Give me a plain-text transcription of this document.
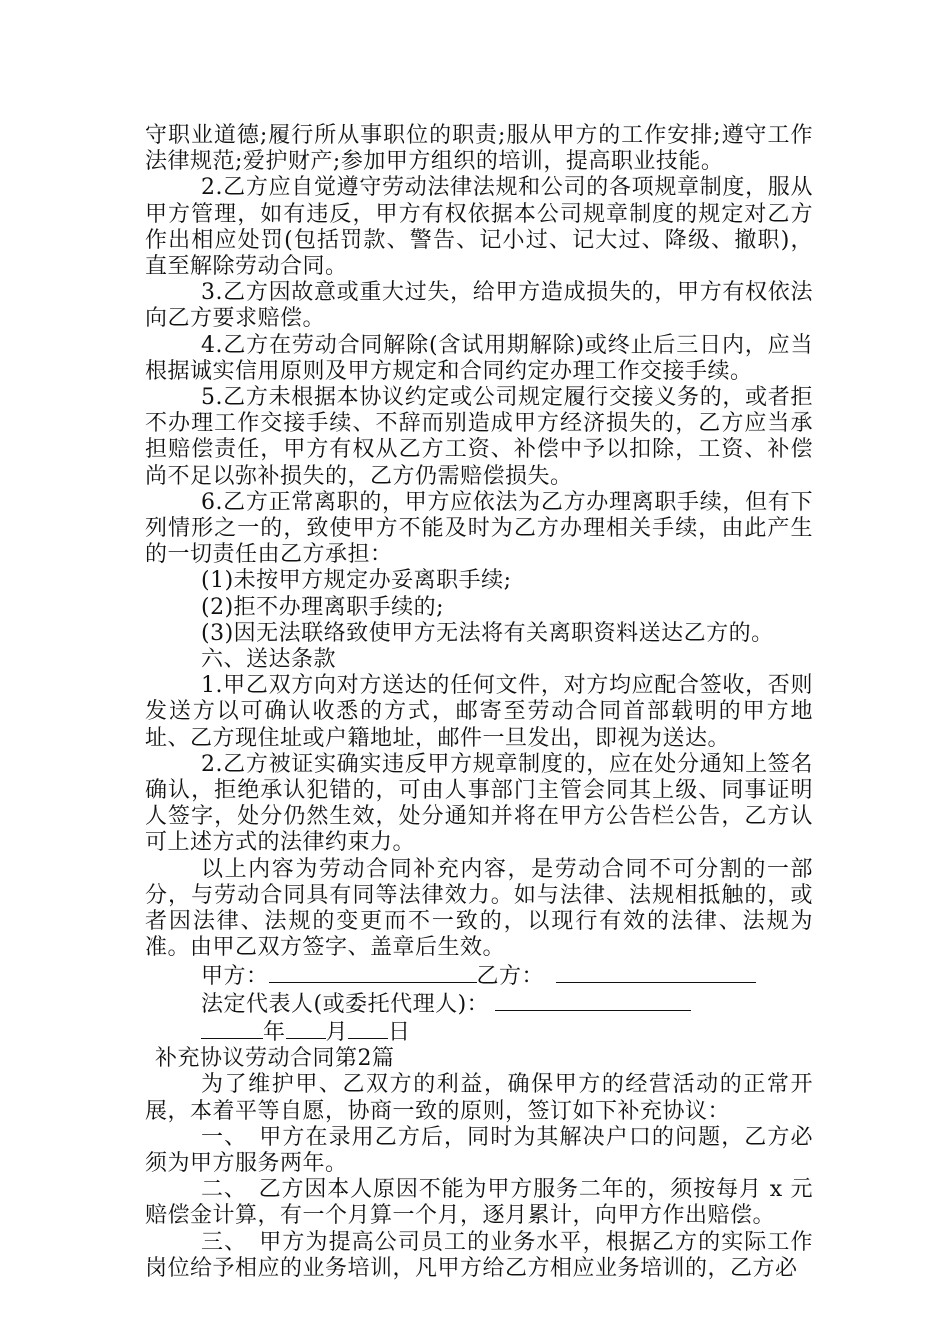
守职业道德;履行所从事职位的职责;服从甲方的工作安排;遵守工作法律规范;爱护财产;参加甲方组织的培训，提高职业技能。

2.乙方应自觉遵守劳动法律法规和公司的各项规章制度，服从甲方管理，如有违反，甲方有权依据本公司规章制度的规定对乙方作出相应处罚(包括罚款、警告、记小过、记大过、降级、撤职)，直至解除劳动合同。

3.乙方因故意或重大过失，给甲方造成损失的，甲方有权依法向乙方要求赔偿。

4.乙方在劳动合同解除(含试用期解除)或终止后三日内，应当根据诚实信用原则及甲方规定和合同约定办理工作交接手续。

5.乙方未根据本协议约定或公司规定履行交接义务的，或者拒不办理工作交接手续、不辞而别造成甲方经济损失的，乙方应当承担赔偿责任，甲方有权从乙方工资、补偿中予以扣除，工资、补偿尚不足以弥补损失的，乙方仍需赔偿损失。

6.乙方正常离职的，甲方应依法为乙方办理离职手续，但有下列情形之一的，致使甲方不能及时为乙方办理相关手续，由此产生的一切责任由乙方承担：

(1)未按甲方规定办妥离职手续;

(2)拒不办理离职手续的;

(3)因无法联络致使甲方无法将有关离职资料送达乙方的。

六、送达条款

1.甲乙双方向对方送达的任何文件，对方均应配合签收，否则发送方以可确认收悉的方式，邮寄至劳动合同首部载明的甲方地址、乙方现住址或户籍地址，邮件一旦发出，即视为送达。

2.乙方被证实确实违反甲方规章制度的，应在处分通知上签名确认，拒绝承认犯错的，可由人事部门主管会同其上级、同事证明人签字，处分仍然生效，处分通知并将在甲方公告栏公告，乙方认可上述方式的法律约束力。

以上内容为劳动合同补充内容，是劳动合同不可分割的一部分，与劳动合同具有同等法律效力。如与法律、法规相抵触的，或者因法律、法规的变更而不一致的，以现行有效的法律、法规为准。由甲乙双方签字、盖章后生效。

甲方：	乙方：

法定代表人(或委托代理人)：

年 月 日

补充协议劳动合同第2篇

为了维护甲、乙双方的利益，确保甲方的经营活动的正常开展，本着平等自愿，协商一致的原则，签订如下补充协议：

一、　甲方在录用乙方后，同时为其解决户口的问题，乙方必须为甲方服务两年。

二、　乙方因本人原因不能为甲方服务二年的，须按每月 x 元赔偿金计算，有一个月算一个月，逐月累计，向甲方作出赔偿。

三、　甲方为提高公司员工的业务水平，根据乙方的实际工作岗位给予相应的业务培训，凡甲方给乙方相应业务培训的，乙方必
